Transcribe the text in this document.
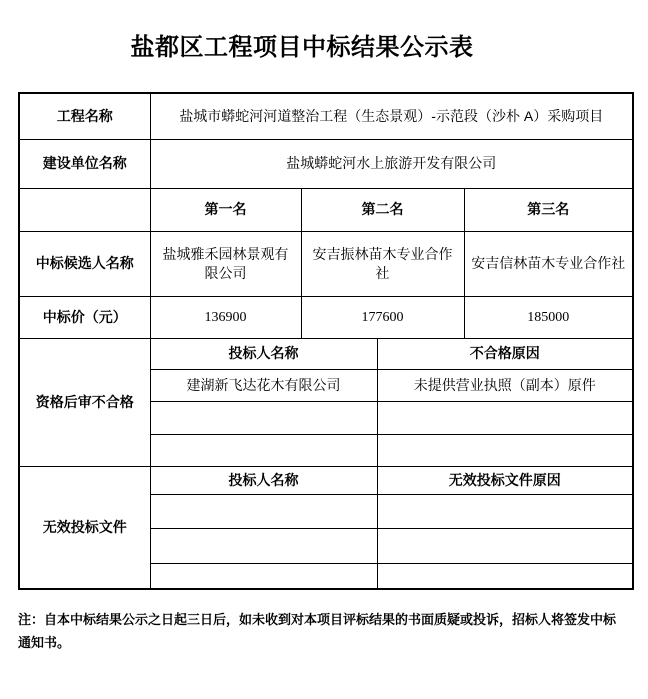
盐都区工程项目中标结果公示表
工程名称	盐城市蟒蛇河河道整治工程（生态景观）-示范段（沙朴 A）采购项目			
建设单位名称	盐城蟒蛇河水上旅游开发有限公司			
	第一名	第二名		第三名
中标候选人名称	盐城雅禾园林景观有限公司	安吉振林苗木专业合作社		安吉信林苗木专业合作社
中标价（元）	136900	177600		185000
资格后审不合格	投标人名称		不合格原因	
	建湖新飞达花木有限公司		未提供营业执照（副本）原件	

无效投标文件	投标人名称		无效投标文件原因	

注：自本中标结果公示之日起三日后，如未收到对本项目评标结果的书面质疑或投诉，招标人将签发中标通知书。
